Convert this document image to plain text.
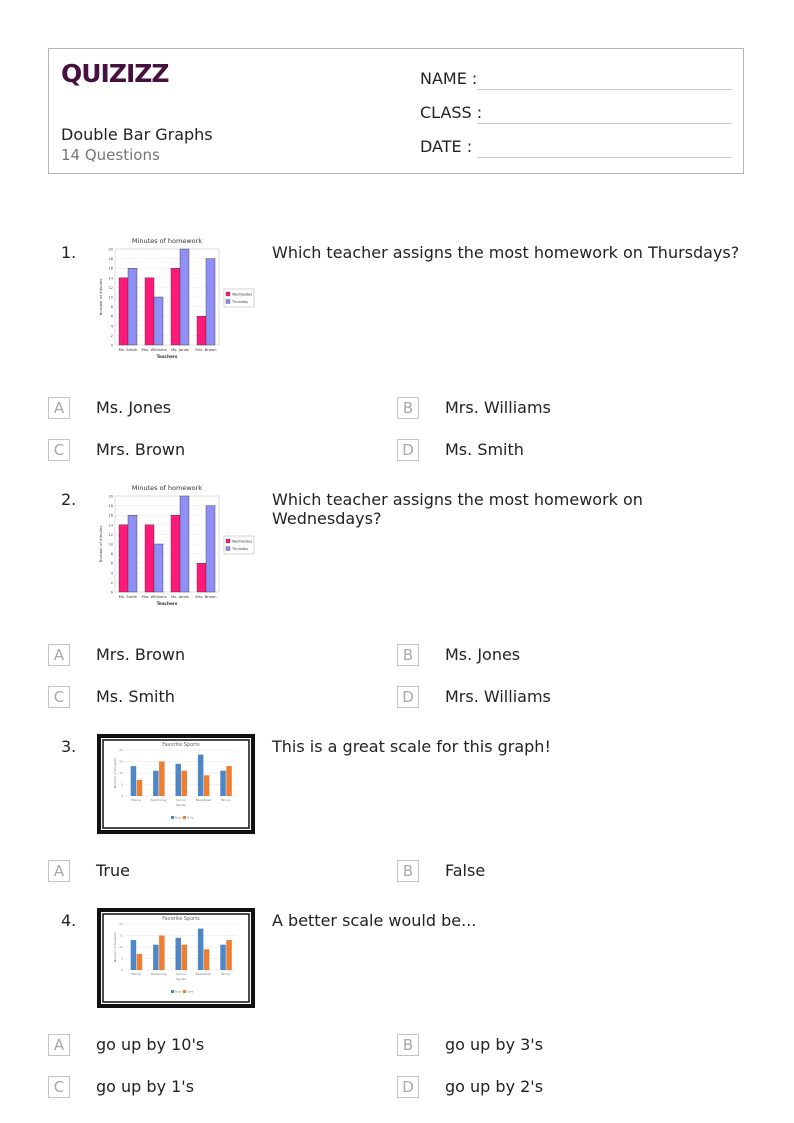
QUIZIZZ
Double Bar Graphs
14 Questions
NAME :
CLASS :
DATE :
1.
Minutes of homework
0
2
4
6
8
10
12
14
16
18
20
Ms. Smith Mrs. Williams Ms. Jones Mrs. Brown
Teachers
Number of minutes	Wednesday
Thursday
Which teacher assigns the most homework on Thursdays?
A	Ms. Jones	B	Mrs. Williams
C	Mrs. Brown	D	Ms. Smith
2.
Minutes of homework
0
2
4
6
8
10
12
14
16
18
20
Ms. Smith Mrs. Williams Ms. Jones Mrs. Brown
Teachers
Number of minutes	Wednesday
Thursday
Which teacher assigns the most homework on Wednesdays?
A	Mrs. Brown	B	Ms. Jones
C	Ms. Smith	D	Mrs. Williams
3.	Favorite Sports
0
5
10
15
20
Biking	Swimming	Soccer	Basketball	Tennis
Sports
Number of Students
Boys Girls
This is a great scale for this graph!
A	True	B	False
4.	Favorite Sports
0
5
10
15
20
Biking	Swimming	Soccer	Basketball	Tennis
Sports
Number of Students
Boys Girls
A better scale would be...
A	go up by 10's	B	go up by 3's
C	go up by 1's	D	go up by 2's
